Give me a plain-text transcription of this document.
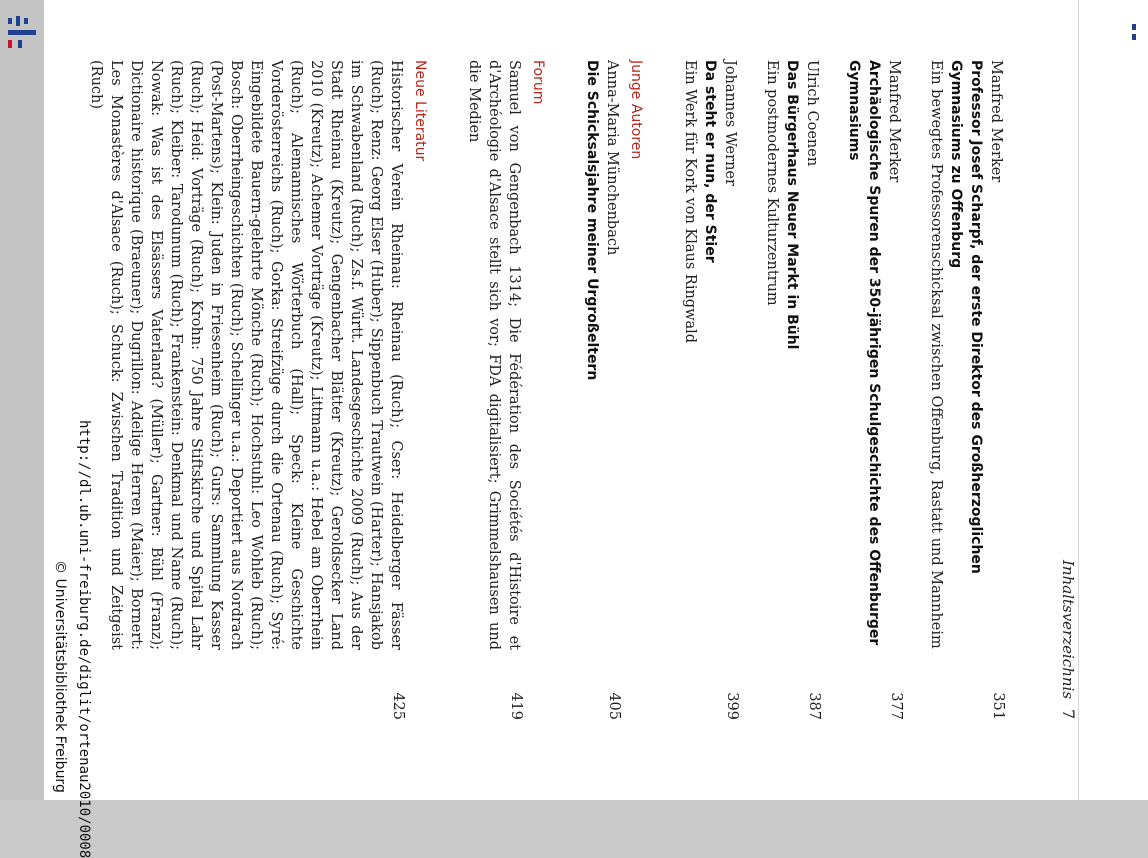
Inhaltsverzeichnis7
Manfred Merker
Professor Josef Scharpf, der erste Direktor des Großherzoglichen Gymnasiums zu Offenburg
Ein bewegtes Professorenschicksal zwischen Offenburg, Rastatt und Mannheim
351
Manfred Merker
Archäologische Spuren der 350-jährigen Schulgeschichte des Offenburger Gymnasiums
377
Ulrich Coenen
Das Bürgerhaus Neuer Markt in Bühl
Ein postmodernes Kulturzentrum
387
Johannes Werner
Da steht er nun, der Stier
Ein Werk für Kork von Klaus Ringwald
399
Junge Autoren
Anna-Maria Münchenbach
Die Schicksalsjahre meiner Urgroßeltern
405
Forum
Samuel von Gengenbach 1314; Die Fédération des Sociétés d'Histoire et d'Archéologie d'Alsace stellt sich vor; FDA digitalisiert; Grimmelshausen und die Medien
419
Neue Literatur
Historischer Verein Rheinau: Rheinau (Ruch); Cser: Heidelberger Fässer (Ruch); Renz: Georg Elser (Huber); Sippenbuch Trautwein (Harter); Hansjakob im Schwabenland (Ruch); Zs.f. Württ. Landesgeschichte 2009 (Ruch); Aus der Stadt Rheinau (Kreutz); Gengenbacher Blätter (Kreutz); Geroldsecker Land 2010 (Kreutz); Achemer Vorträge (Kreutz); Littmann u.a.: Hebel am Oberrhein (Ruch); Alemannisches Wörterbuch (Hall); Speck: Kleine Geschichte Vorderösterreichs (Ruch); Gorka: Streifzüge durch die Ortenau (Ruch); Syré: Eingebildete Bauern-gelehrte Mönche (Ruch); Hochstuhl: Leo Wohleb (Ruch); Bosch: Oberrheingeschichten (Ruch); Schellinger u.a.: Deportiert aus Nordrach (Post-Martens); Klein: Juden in Friesenheim (Ruch); Gurs: Sammlung Kasser (Ruch); Heid: Vorträge (Ruch); Krohn: 750 Jahre Stiftskirche und Spital Lahr (Ruch); Kleiber: Tarodunum (Ruch); Frankenstein: Denkmal und Name (Ruch); Nowak: Was ist des Elsässers Vaterland? (Müller); Gartner: Bühl (Franz); Dictionaire historique (Braeuner); Dugrillon: Adelige Herren (Maier); Bornert: Les Monastères d'Alsace (Ruch); Schuck: Zwischen Tradition und Zeitgeist (Ruch)
425
http://dl.ub.uni-freiburg.de/diglit/ortenau2010/0008
© Universitätsbibliothek Freiburg
